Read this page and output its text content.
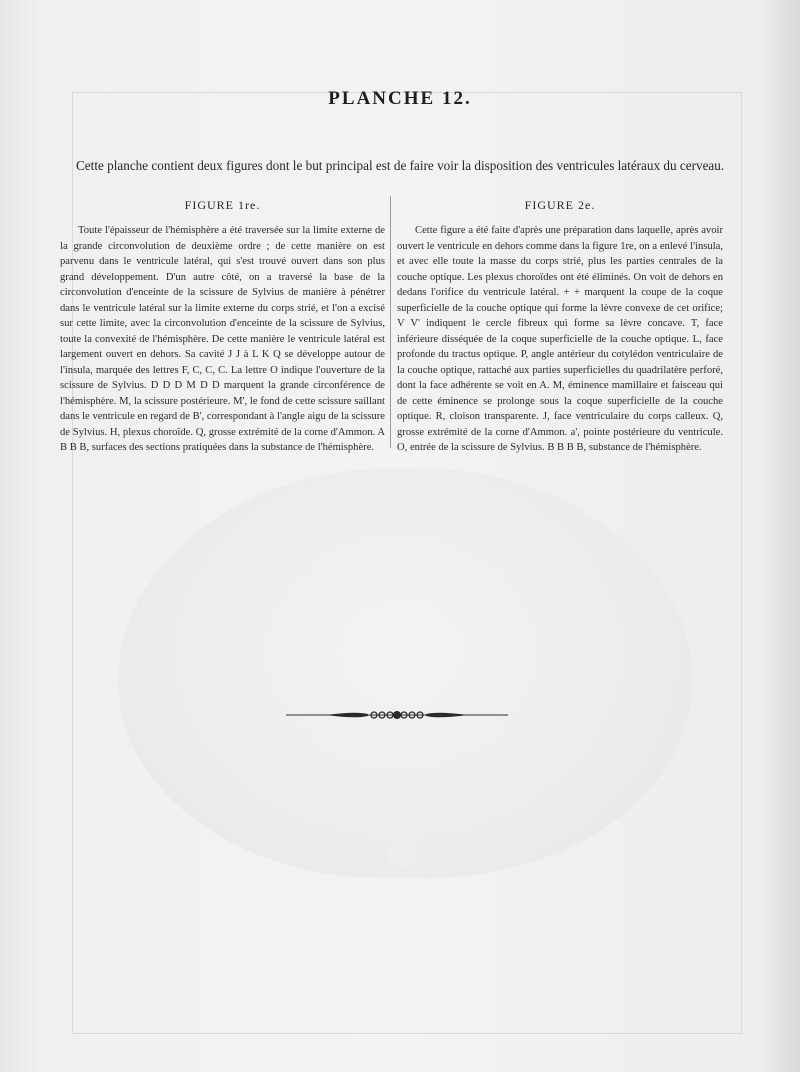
PLANCHE 12.
Cette planche contient deux figures dont le but principal est de faire voir la disposition des ventricules latéraux du cerveau.
FIGURE 1re.

Toute l'épaisseur de l'hémisphère a été traversée sur la limite externe de la grande circonvolution de deuxième ordre ; de cette manière on est parvenu dans le ventricule latéral, qui s'est trouvé ouvert dans son plus grand développement. D'un autre côté, on a traversé la base de la circonvolution d'enceinte de la scissure de Sylvius de manière à pénétrer dans le ventricule latéral sur la limite externe du corps strié, et l'on a excisé sur cette limite, avec la circonvolution d'enceinte de la scissure de Sylvius, toute la convexité de l'hémisphère. De cette manière le ventricule latéral est largement ouvert en dehors. Sa cavité J J à L K Q se développe autour de l'insula, marquée des lettres F, C, C, C. La lettre O indique l'ouverture de la scissure de Sylvius. D D D M D D marquent la grande circonférence de l'hémisphère. M, la scissure postérieure. M', le fond de cette scissure saillant dans le ventricule en regard de B', correspondant à l'angle aigu de la scissure de Sylvius. H, plexus choroïde. Q, grosse extrémité de la corne d'Ammon. A B B B, surfaces des sections pratiquées dans la substance de l'hémisphère.

FIGURE 2e.

Cette figure a été faite d'après une préparation dans laquelle, après avoir ouvert le ventricule en dehors comme dans la figure 1re, on a enlevé l'insula, et avec elle toute la masse du corps strié, plus les parties centrales de la couche optique. Les plexus choroïdes ont été éliminés. On voit de dehors en dedans l'orifice du ventricule latéral. + + marquent la coupe de la coque superficielle de la couche optique qui forme la lèvre convexe de cet orifice; V V' indiquent le cercle fibreux qui forme sa lèvre concave. T, face inférieure disséquée de la coque superficielle de la couche optique. L, face profonde du tractus optique. P, angle antérieur du cotylédon ventriculaire de la couche optique, rattaché aux parties superficielles du quadrilatère perforé, dont la face adhérente se voit en A. M, éminence mamillaire et faisceau qui de cette éminence se prolonge sous la coque superficielle de la couche optique. R, cloison transparente. J, face ventriculaire du corps calleux. Q, grosse extrémité de la corne d'Ammon. a', pointe postérieure du ventricule. O, entrée de la scissure de Sylvius. B B B B, substance de l'hémisphère.
